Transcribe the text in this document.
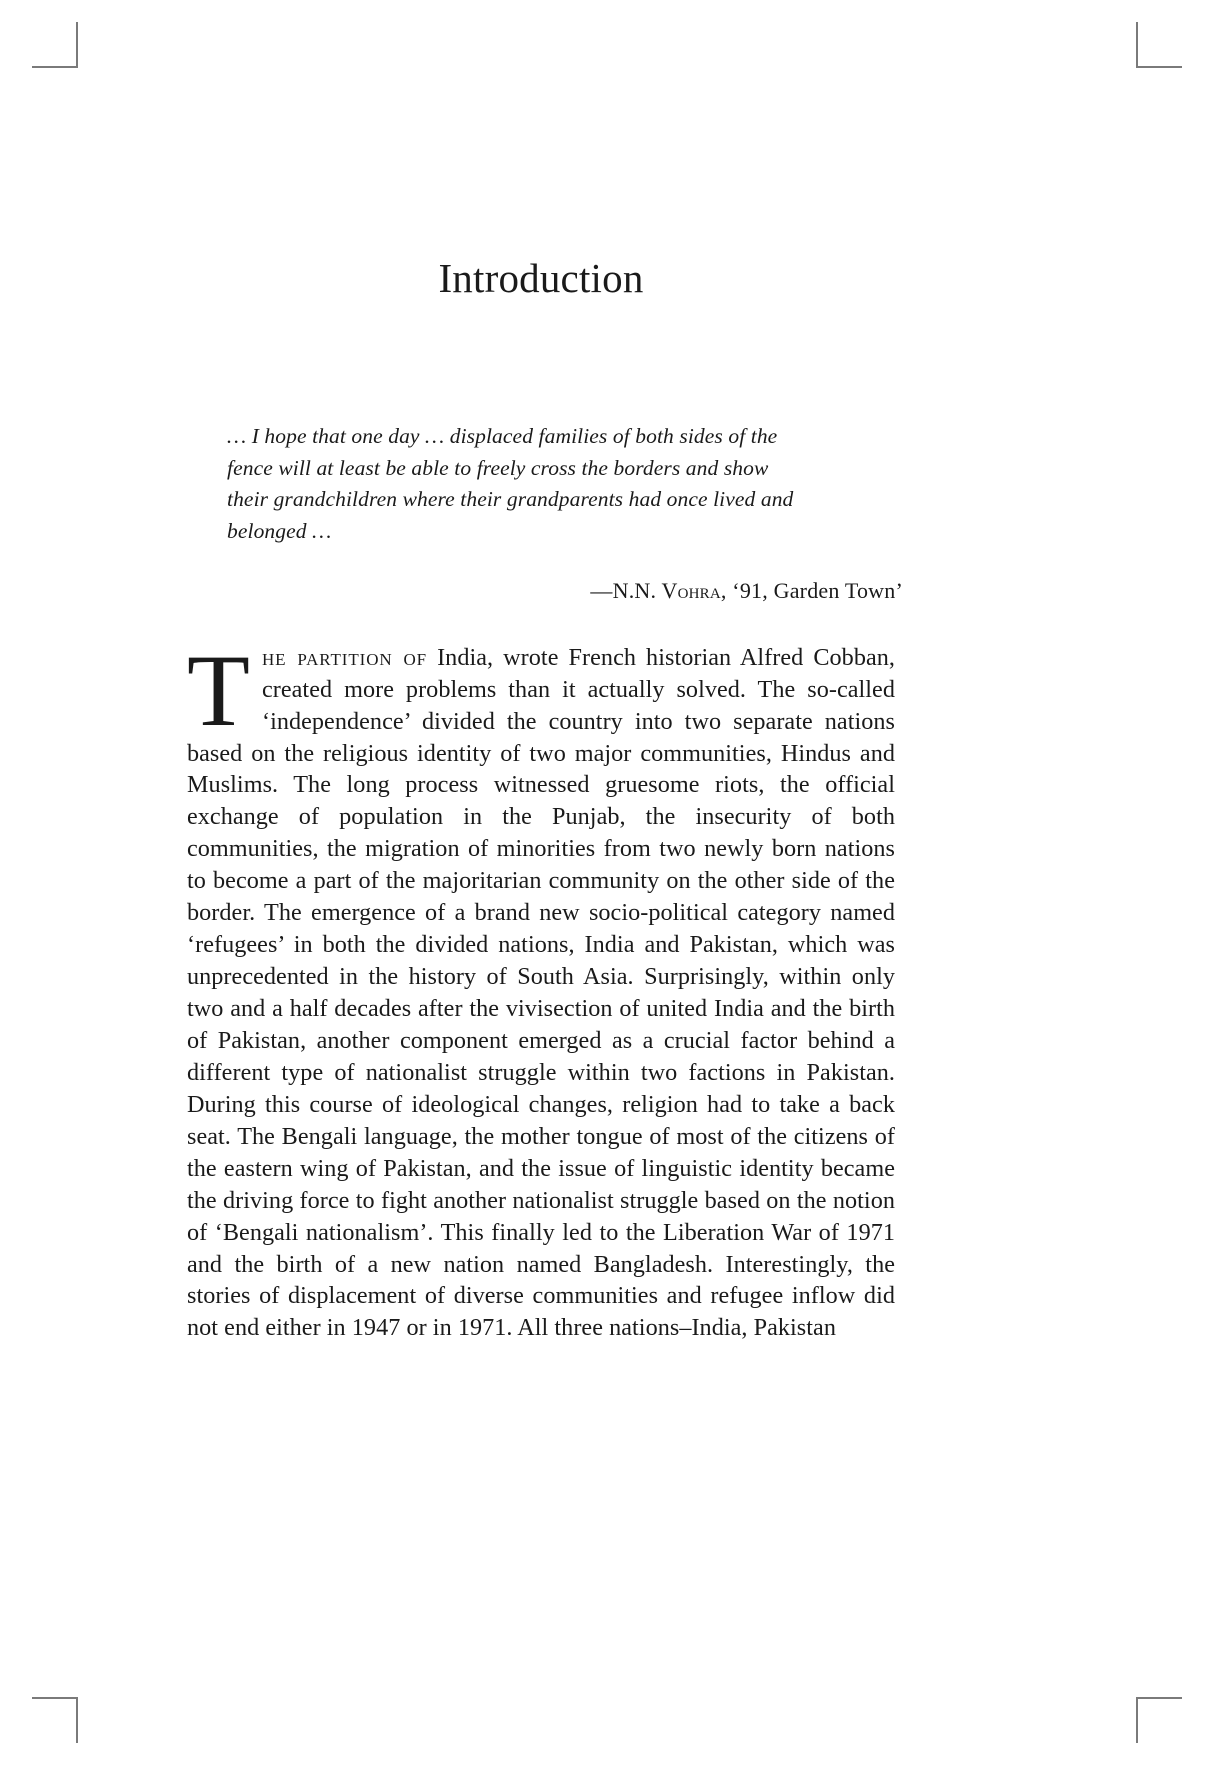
Introduction

… I hope that one day … displaced families of both sides of the

fence will at least be able to freely cross the borders and show

their grandchildren where their grandparents had once lived and

belonged …

—N.N. Vohra, ‘91, Garden Town’

The partition of India, wrote French historian Alfred Cobban, created more problems than it actually solved. The so-called ‘independence’ divided the country into two separate nations based on the religious identity of two major communities, Hindus and Muslims. The long process witnessed gruesome riots, the official exchange of population in the Punjab, the insecurity of both communities, the migration of minorities from two newly born nations to become a part of the majoritarian community on the other side of the border. The emergence of a brand new socio-political category named ‘refugees’ in both the divided nations, India and Pakistan, which was unprecedented in the history of South Asia. Surprisingly, within only two and a half decades after the vivisection of united India and the birth of Pakistan, another component emerged as a crucial factor behind a different type of nationalist struggle within two factions in Pakistan. During this course of ideological changes, religion had to take a back seat. The Bengali language, the mother tongue of most of the citizens of the eastern wing of Pakistan, and the issue of linguistic identity became the driving force to fight another nationalist struggle based on the notion of ‘Bengali nationalism’. This finally led to the Liberation War of 1971 and the birth of a new nation named Bangladesh. Interestingly, the stories of displacement of diverse communities and refugee inflow did not end either in 1947 or in 1971. All three nations–India, Pakistan
